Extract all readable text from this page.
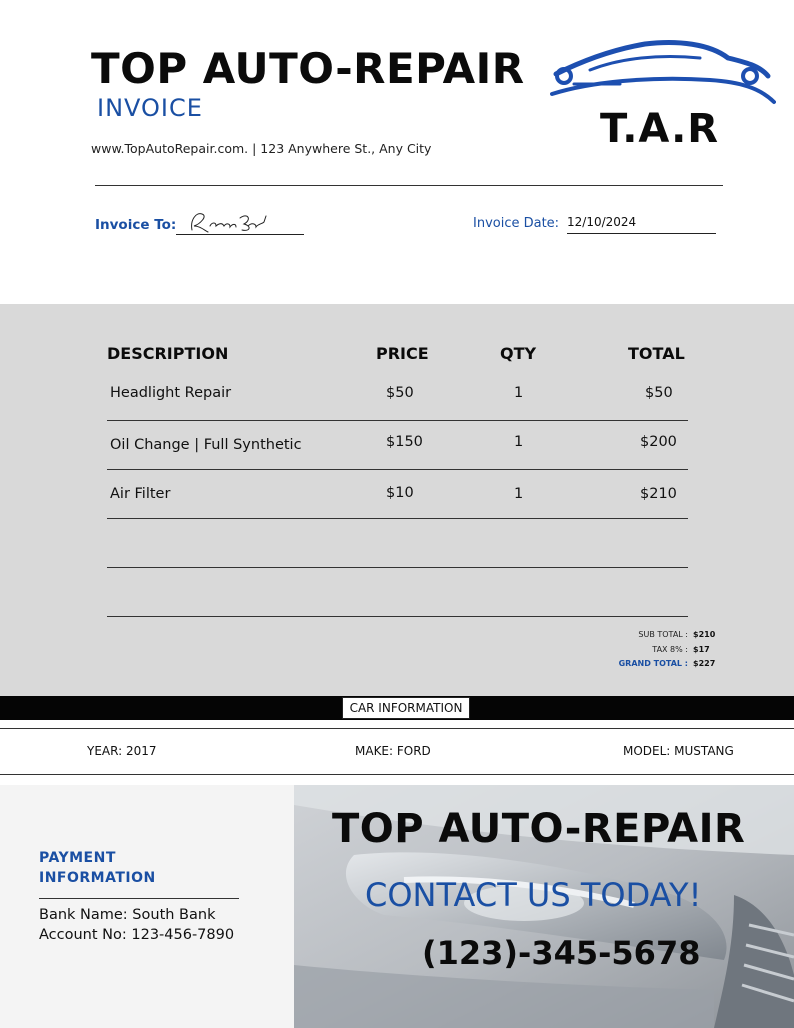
TOP AUTO-REPAIR
INVOICE
www.TopAutoRepair.com. | 123 Anywhere St., Any City	T.A.R
Invoice To:	Invoice Date: 12/10/2024
DESCRIPTION	PRICE	QTY	TOTAL
Headlight Repair	$50	1	$50
Oil Change | Full Synthetic	$150	1	$200
Air Filter	$10	1	$210
SUB TOTAL : $210
TAX 8% : $17
GRAND TOTAL : $227
CAR INFORMATION
YEAR: 2017	MAKE: FORD	MODEL: MUSTANG
PAYMENT
INFORMATION
Bank Name: South Bank
Account No: 123-456-7890
TOP AUTO-REPAIR
CONTACT US TODAY!
(123)-345-5678
